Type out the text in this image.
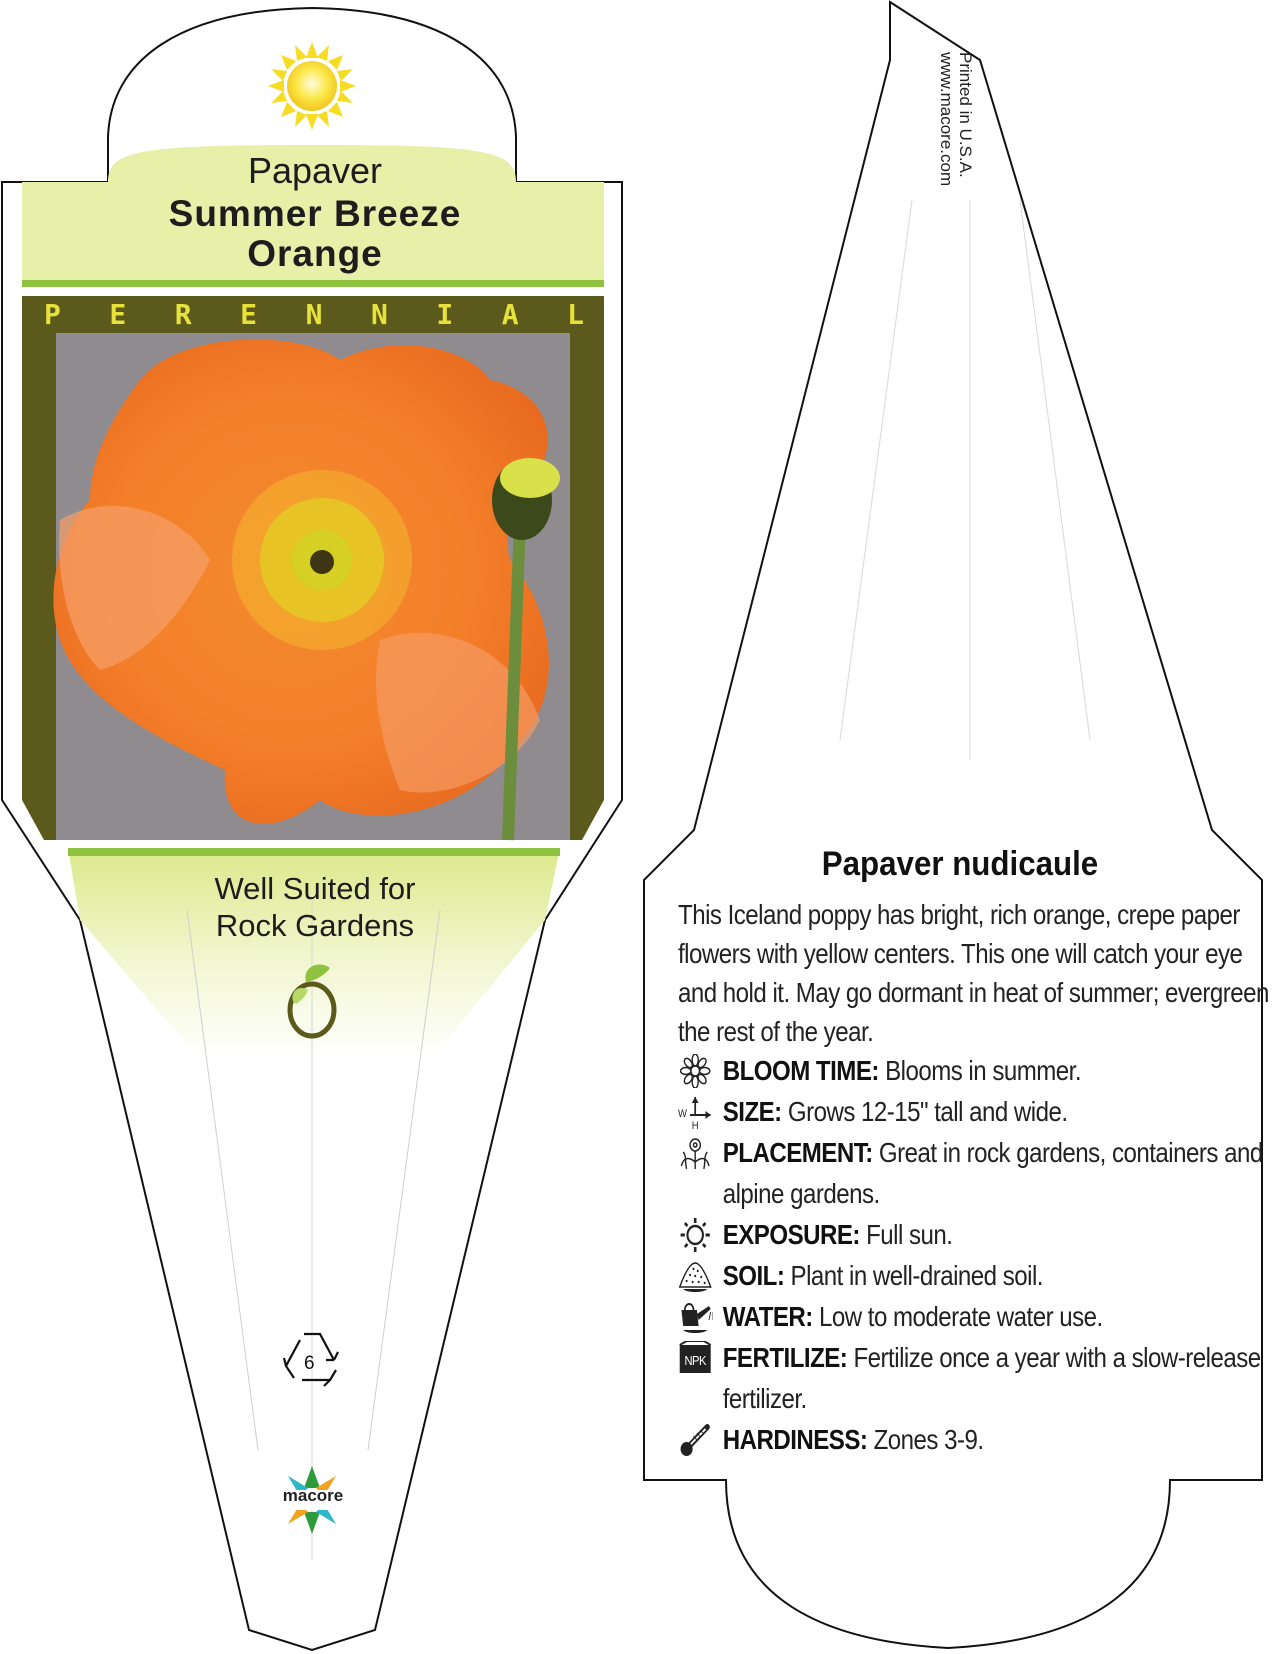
Papaver
Summer Breeze
Orange
P E R E N N I A L
Well Suited for
Rock Gardens
6
macore
Printed in U.S.A.
www.macore.com
Papaver nudicaule
This Iceland poppy has bright, rich orange, crepe paper flowers with yellow centers. This one will catch your eye and hold it. May go dormant in heat of summer; evergreen the rest of the year.
BLOOM TIME: Blooms in summer.
W
H SIZE: Grows 12-15" tall and wide.
PLACEMENT: Great in rock gardens, containers and alpine gardens.
EXPOSURE: Full sun.
SOIL: Plant in well-drained soil.
WATER: Low to moderate water use.
NPK FERTILIZE: Fertilize once a year with a slow-release fertilizer.
HARDINESS: Zones 3-9.
